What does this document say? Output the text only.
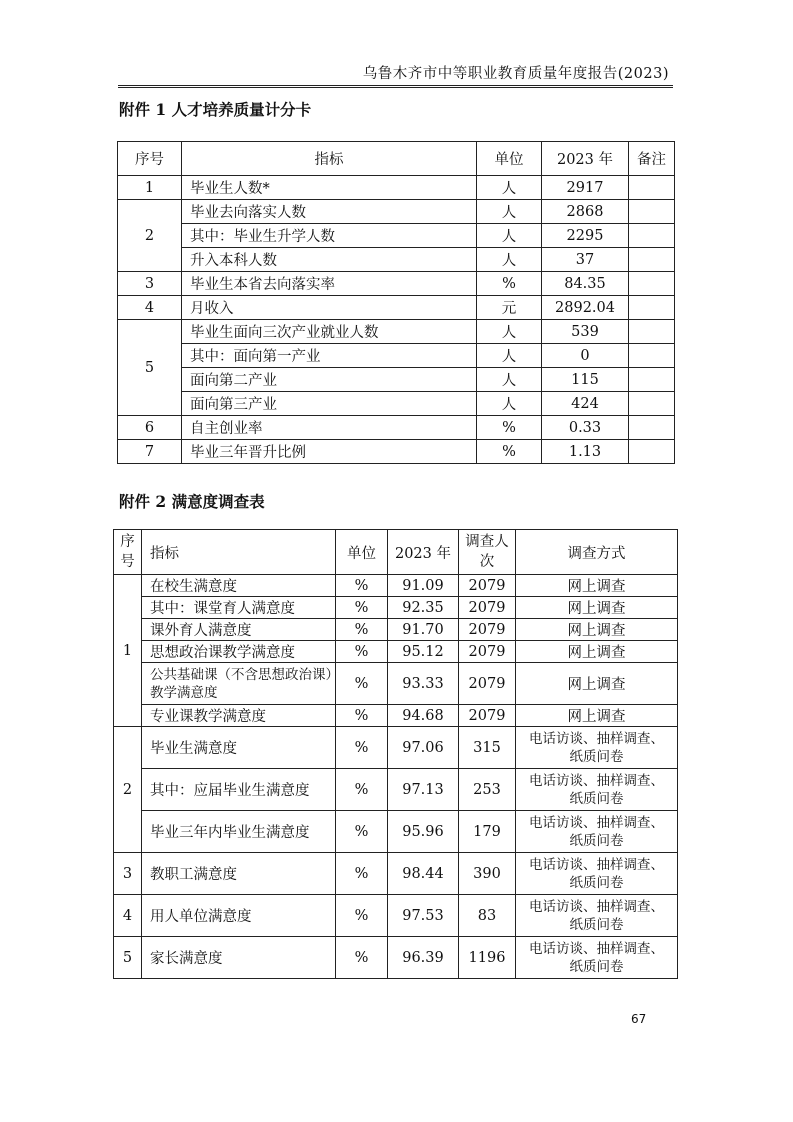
乌鲁木齐市中等职业教育质量年度报告(2023)
附件 1 人才培养质量计分卡
序号	指标	单位	2023 年	备注
1	毕业生人数*	人	2917	
2	毕业去向落实人数	人	2868	
	其中：毕业生升学人数	人	2295	
	升入本科人数	人	37	
3	毕业生本省去向落实率	%	84.35	
4	月收入	元	2892.04	
5	毕业生面向三次产业就业人数	人	539	
	其中：面向第一产业	人	0	
	面向第二产业	人	115	
	面向第三产业	人	424	
6	自主创业率	%	0.33	
7	毕业三年晋升比例	%	1.13	
附件 2 满意度调查表
序号	指标	单位	2023 年	调查人次	调查方式
1	在校生满意度	%	91.09	2079	网上调查
	其中：课堂育人满意度	%	92.35	2079	网上调查
	课外育人满意度	%	91.70	2079	网上调查
	思想政治课教学满意度	%	95.12	2079	网上调查
	公共基础课（不含思想政治课）教学满意度	%	93.33	2079	网上调查
	专业课教学满意度	%	94.68	2079	网上调查
2	毕业生满意度	%	97.06	315	电话访谈、抽样调查、纸质问卷
	其中：应届毕业生满意度	%	97.13	253	电话访谈、抽样调查、纸质问卷
	毕业三年内毕业生满意度	%	95.96	179	电话访谈、抽样调查、纸质问卷
3	教职工满意度	%	98.44	390	电话访谈、抽样调查、纸质问卷
4	用人单位满意度	%	97.53	83	电话访谈、抽样调查、纸质问卷
5	家长满意度	%	96.39	1196	电话访谈、抽样调查、纸质问卷
67
